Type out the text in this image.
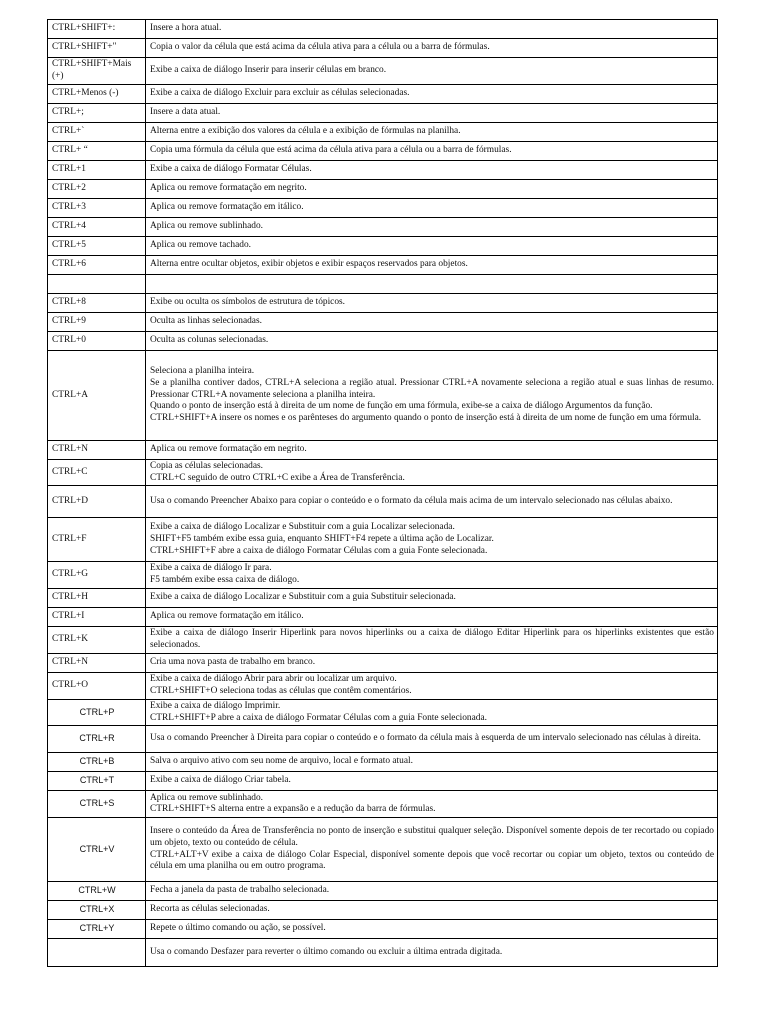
CTRL+SHIFT+:	Insere a hora atual.
CTRL+SHIFT+"	Copia o valor da célula que está acima da célula ativa para a célula ou a barra de fórmulas.
CTRL+SHIFT+Mais (+)	Exibe a caixa de diálogo Inserir para inserir células em branco.
CTRL+Menos (-)	Exibe a caixa de diálogo Excluir para excluir as células selecionadas.
CTRL+;	Insere a data atual.
CTRL+`	Alterna entre a exibição dos valores da célula e a exibição de fórmulas na planilha.
CTRL+ “	Copia uma fórmula da célula que está acima da célula ativa para a célula ou a barra de fórmulas.
CTRL+1	Exibe a caixa de diálogo Formatar Células.
CTRL+2	Aplica ou remove formatação em negrito.
CTRL+3	Aplica ou remove formatação em itálico.
CTRL+4	Aplica ou remove sublinhado.
CTRL+5	Aplica ou remove tachado.
CTRL+6	Alterna entre ocultar objetos, exibir objetos e exibir espaços reservados para objetos.

CTRL+8	Exibe ou oculta os símbolos de estrutura de tópicos.
CTRL+9	Oculta as linhas selecionadas.
CTRL+0	Oculta as colunas selecionadas.
CTRL+A	Seleciona a planilha inteira.
Se a planilha contiver dados, CTRL+A seleciona a região atual. Pressionar CTRL+A novamente seleciona a região atual e suas linhas de resumo. Pressionar CTRL+A novamente seleciona a planilha inteira.
Quando o ponto de inserção está à direita de um nome de função em uma fórmula, exibe-se a caixa de diálogo Argumentos da função.
CTRL+SHIFT+A insere os nomes e os parênteses do argumento quando o ponto de inserção está à direita de um nome de função em uma fórmula.
CTRL+N	Aplica ou remove formatação em negrito.
CTRL+C	Copia as células selecionadas.
CTRL+C seguido de outro CTRL+C exibe a Área de Transferência.
CTRL+D	Usa o comando Preencher Abaixo para copiar o conteúdo e o formato da célula mais acima de um intervalo selecionado nas células abaixo.
CTRL+F	Exibe a caixa de diálogo Localizar e Substituir com a guia Localizar selecionada.
SHIFT+F5 também exibe essa guia, enquanto SHIFT+F4 repete a última ação de Localizar.
CTRL+SHIFT+F abre a caixa de diálogo Formatar Células com a guia Fonte selecionada.
CTRL+G	Exibe a caixa de diálogo Ir para.
F5 também exibe essa caixa de diálogo.
CTRL+H	Exibe a caixa de diálogo Localizar e Substituir com a guia Substituir selecionada.
CTRL+I	Aplica ou remove formatação em itálico.
CTRL+K	Exibe a caixa de diálogo Inserir Hiperlink para novos hiperlinks ou a caixa de diálogo Editar Hiperlink para os hiperlinks existentes que estão selecionados.
CTRL+N	Cria uma nova pasta de trabalho em branco.
CTRL+O	Exibe a caixa de diálogo Abrir para abrir ou localizar um arquivo.
CTRL+SHIFT+O seleciona todas as células que contêm comentários.
CTRL+P	Exibe a caixa de diálogo Imprimir.
CTRL+SHIFT+P abre a caixa de diálogo Formatar Células com a guia Fonte selecionada.
CTRL+R	Usa o comando Preencher à Direita para copiar o conteúdo e o formato da célula mais à esquerda de um intervalo selecionado nas células à direita.
CTRL+B	Salva o arquivo ativo com seu nome de arquivo, local e formato atual.
CTRL+T	Exibe a caixa de diálogo Criar tabela.
CTRL+S	Aplica ou remove sublinhado.
CTRL+SHIFT+S alterna entre a expansão e a redução da barra de fórmulas.
CTRL+V	Insere o conteúdo da Área de Transferência no ponto de inserção e substitui qualquer seleção. Disponível somente depois de ter recortado ou copiado um objeto, texto ou conteúdo de célula.
CTRL+ALT+V exibe a caixa de diálogo Colar Especial, disponível somente depois que você recortar ou copiar um objeto, textos ou conteúdo de célula em uma planilha ou em outro programa.
CTRL+W	Fecha a janela da pasta de trabalho selecionada.
CTRL+X	Recorta as células selecionadas.
CTRL+Y	Repete o último comando ou ação, se possível.
	Usa o comando Desfazer para reverter o último comando ou excluir a última entrada digitada.
